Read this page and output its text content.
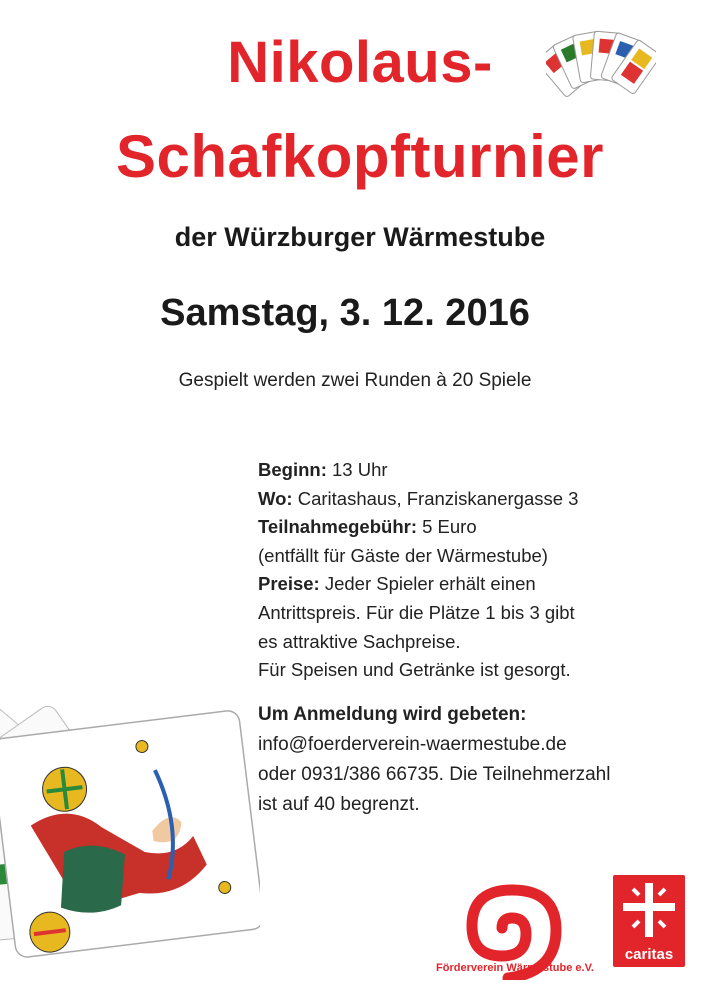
Nikolaus-
Schafkopfturnier

der Würzburger Wärmestube

Samstag, 3. 12. 2016

Gespielt werden zwei Runden à 20 Spiele

Beginn: 13 Uhr
Wo: Caritashaus, Franziskanergasse 3
Teilnahmegebühr: 5 Euro
(entfällt für Gäste der Wärmestube)
Preise: Jeder Spieler erhält einen
Antrittspreis. Für die Plätze 1 bis 3 gibt
es attraktive Sachpreise.
Für Speisen und Getränke ist gesorgt.
Um Anmeldung wird gebeten:
info@foerderverein-waermestube.de
oder 0931/386 66735. Die Teilnehmerzahl
ist auf 40 begrenzt.
Förderverein Wärmestube e.V.
caritas
